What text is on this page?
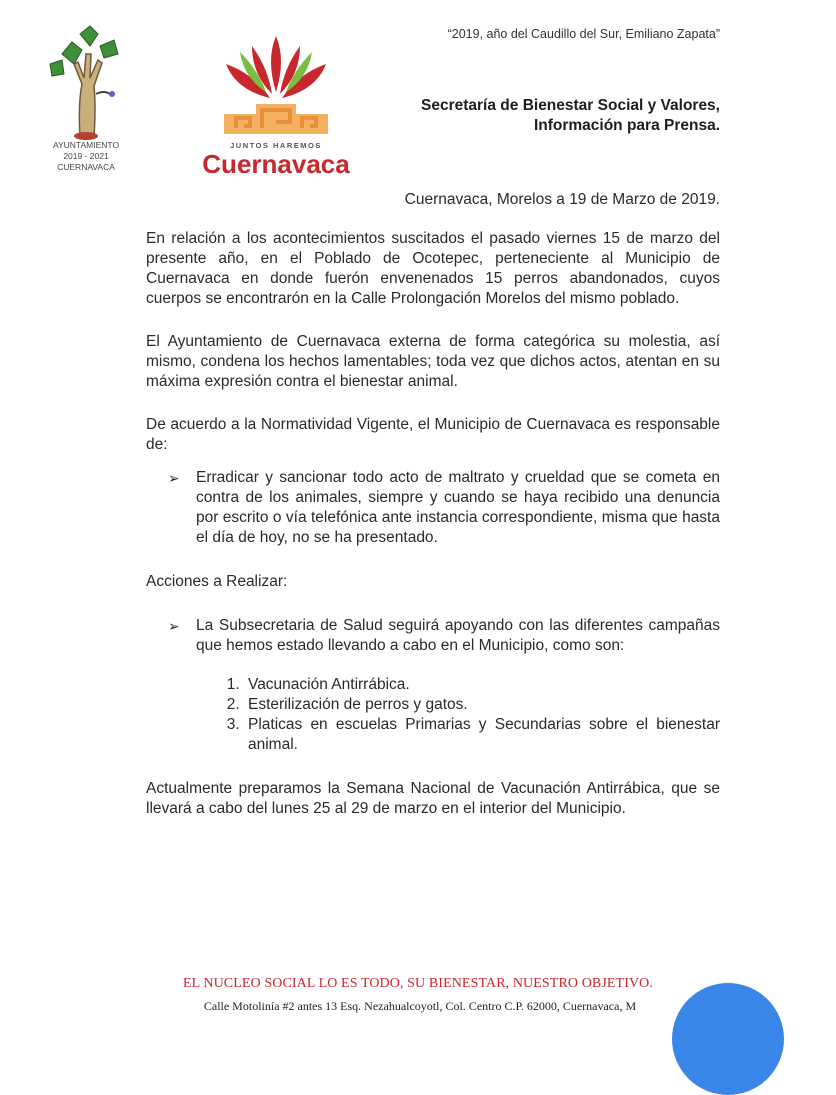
AYUNTAMIENTO
2019 - 2021
CUERNAVACA
JUNTOS HAREMOS
Cuernavaca
“2019, año del Caudillo del Sur, Emiliano Zapata”
Secretaría de Bienestar Social y Valores,
Información para Prensa.
Cuernavaca, Morelos a 19 de Marzo de 2019.

En relación a los acontecimientos suscitados el pasado viernes 15 de marzo del presente año, en el Poblado de Ocotepec, perteneciente al Municipio de Cuernavaca en donde fuerón envenenados 15 perros abandonados, cuyos cuerpos se encontrarón en la Calle Prolongación Morelos del mismo poblado.

El Ayuntamiento de Cuernavaca externa de forma categórica su molestia, así mismo, condena los hechos lamentables; toda vez que dichos actos, atentan en su máxima expresión contra el bienestar animal.

De acuerdo a la Normatividad Vigente, el Municipio de Cuernavaca es responsable de:

➢ Erradicar y sancionar todo acto de maltrato y crueldad que se cometa en contra de los animales, siempre y cuando se haya recibido una denuncia por escrito o vía telefónica ante instancia correspondiente, misma que hasta el día de hoy, no se ha presentado.

Acciones a Realizar:

➢ La Subsecretaria de Salud seguirá apoyando con las diferentes campañas que hemos estado llevando a cabo en el Municipio, como son:

1. Vacunación Antirrábica.
2. Esterilización de perros y gatos.
3. Platicas en escuelas Primarias y Secundarias sobre el bienestar animal.

Actualmente preparamos la Semana Nacional de Vacunación Antirrábica, que se llevará a cabo del lunes 25 al 29 de marzo en el interior del Municipio.

EL NUCLEO SOCIAL LO ES TODO, SU BIENESTAR, NUESTRO OBJETIVO.
Calle Motolinía #2 antes 13 Esq. Nezahualcoyotl, Col. Centro C.P. 62000, Cuernavaca, M
